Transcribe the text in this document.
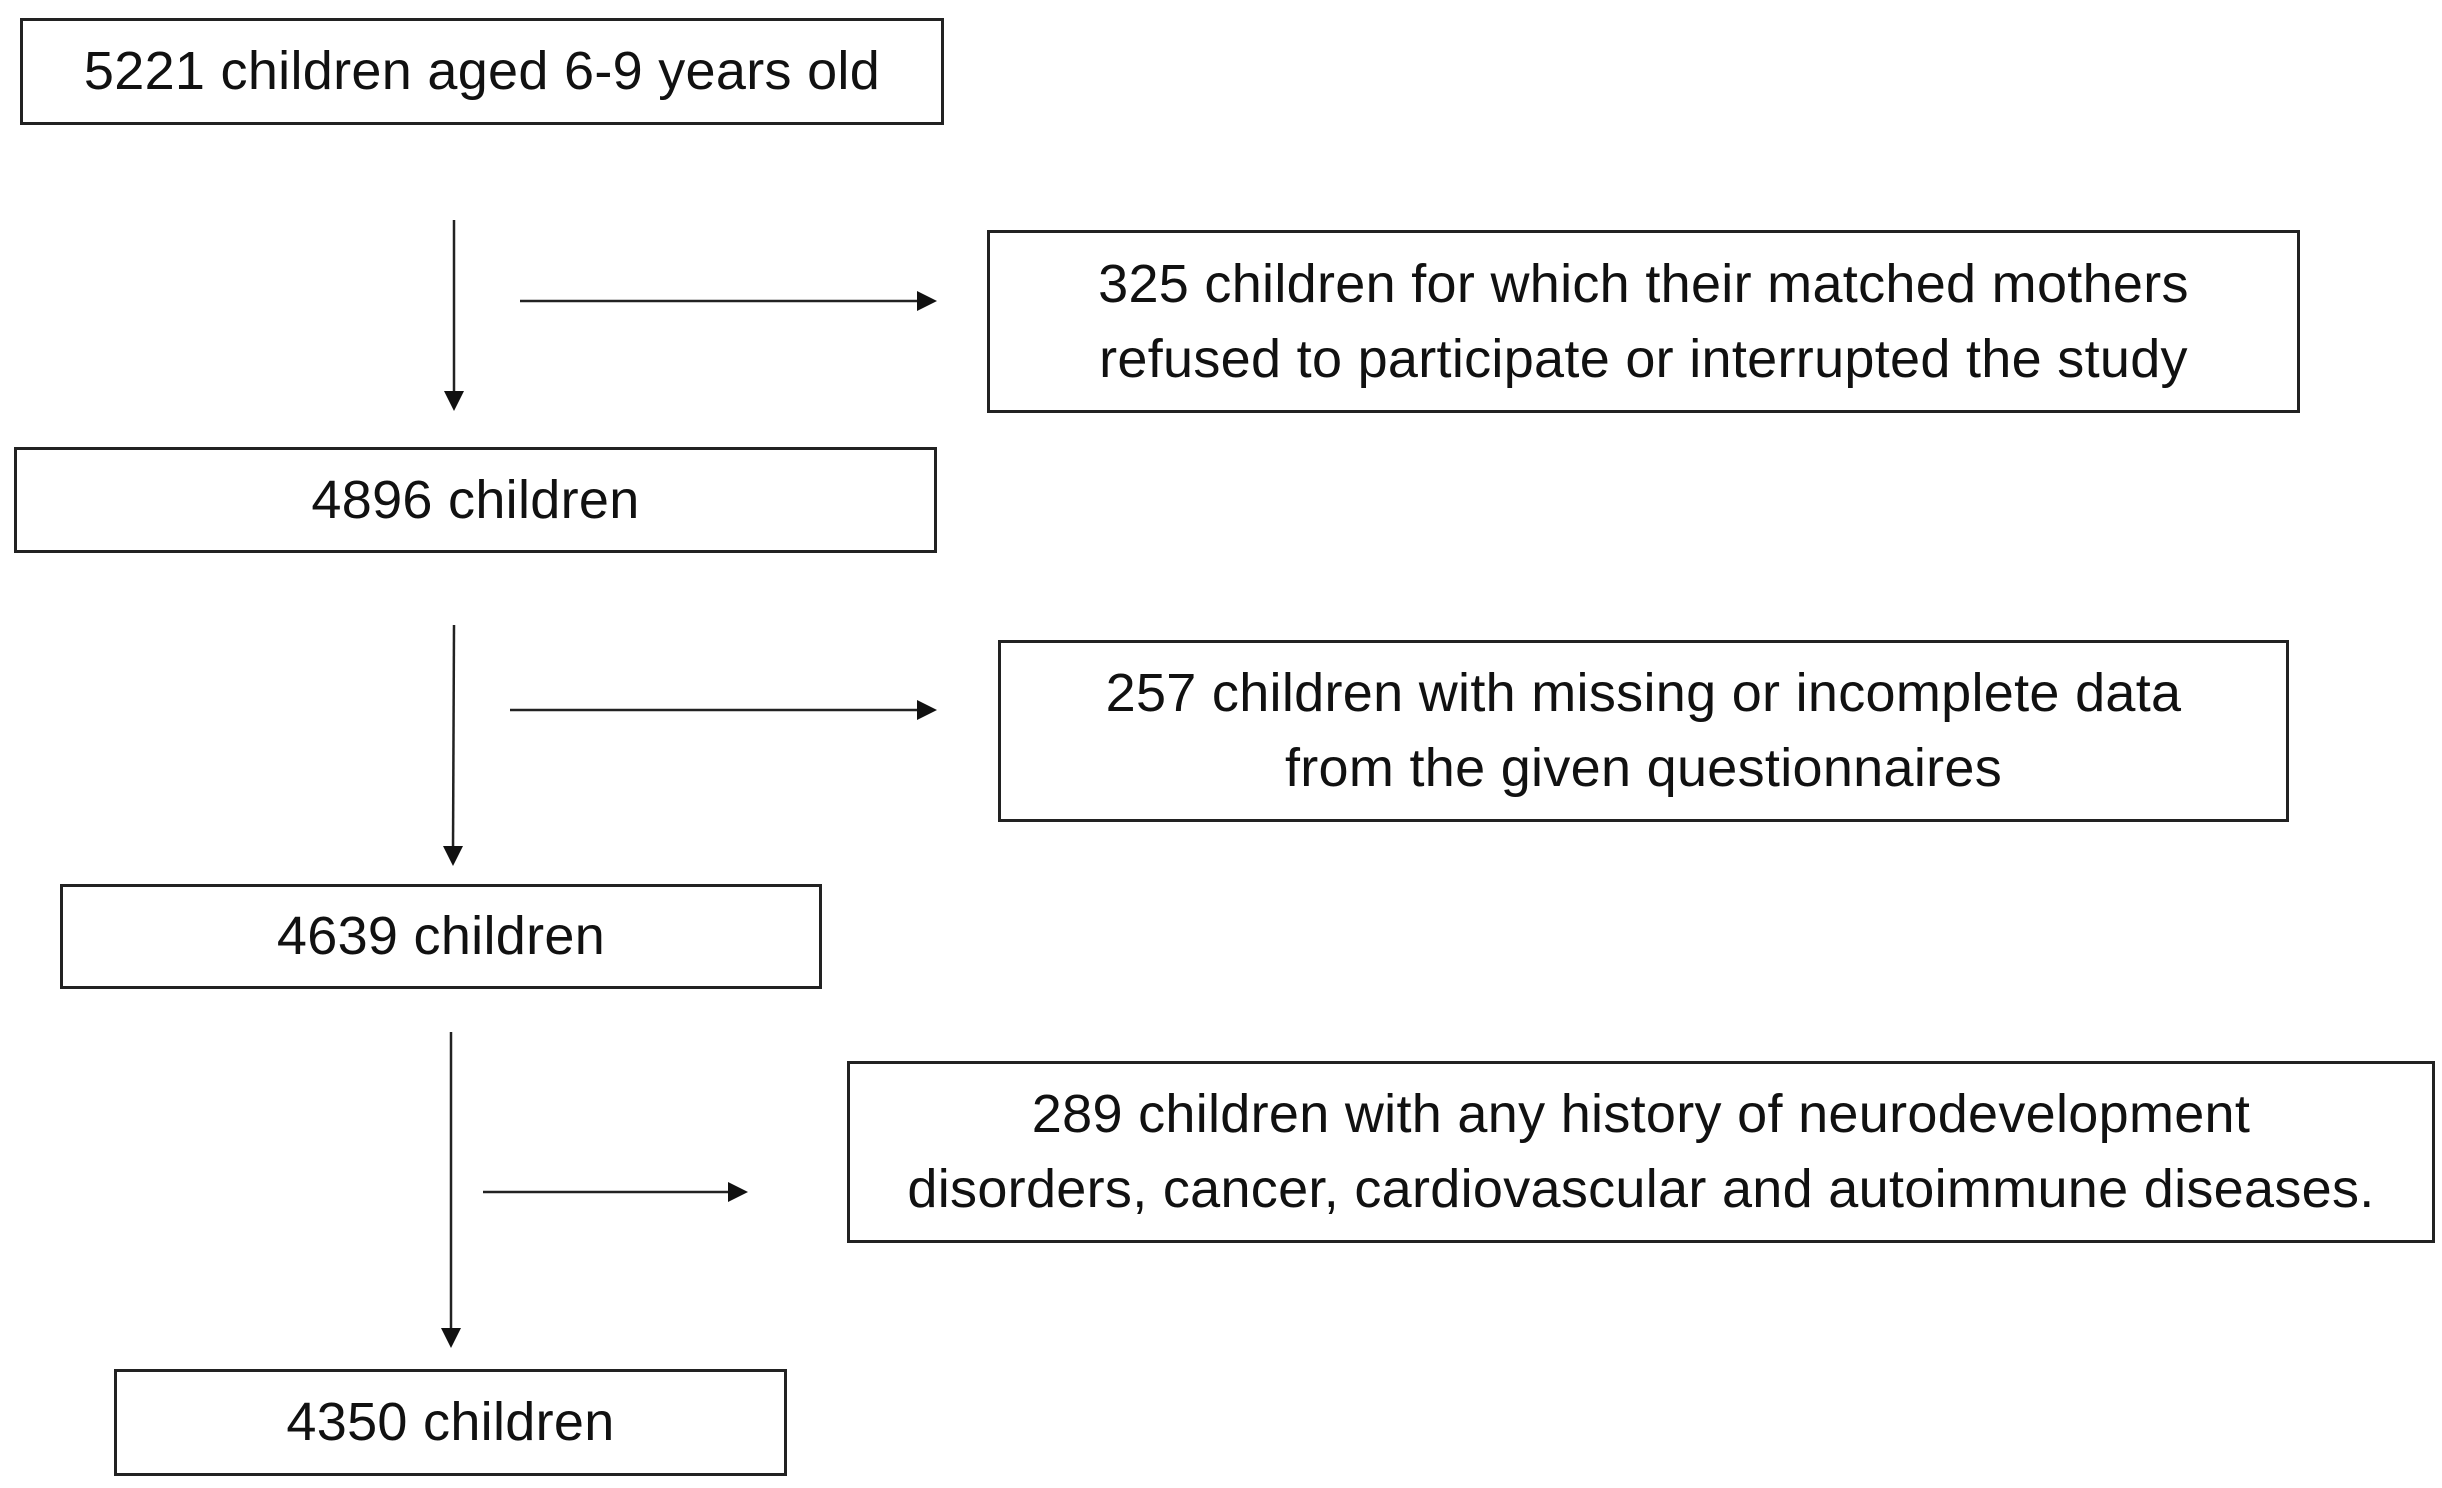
5221 children aged 6-9 years old
325 children for which their matched mothers
refused to participate or interrupted the study
4896 children
257 children with missing or incomplete data
from the given questionnaires
4639 children
289 children with any history of neurodevelopment
disorders, cancer, cardiovascular and autoimmune diseases.
4350 children
